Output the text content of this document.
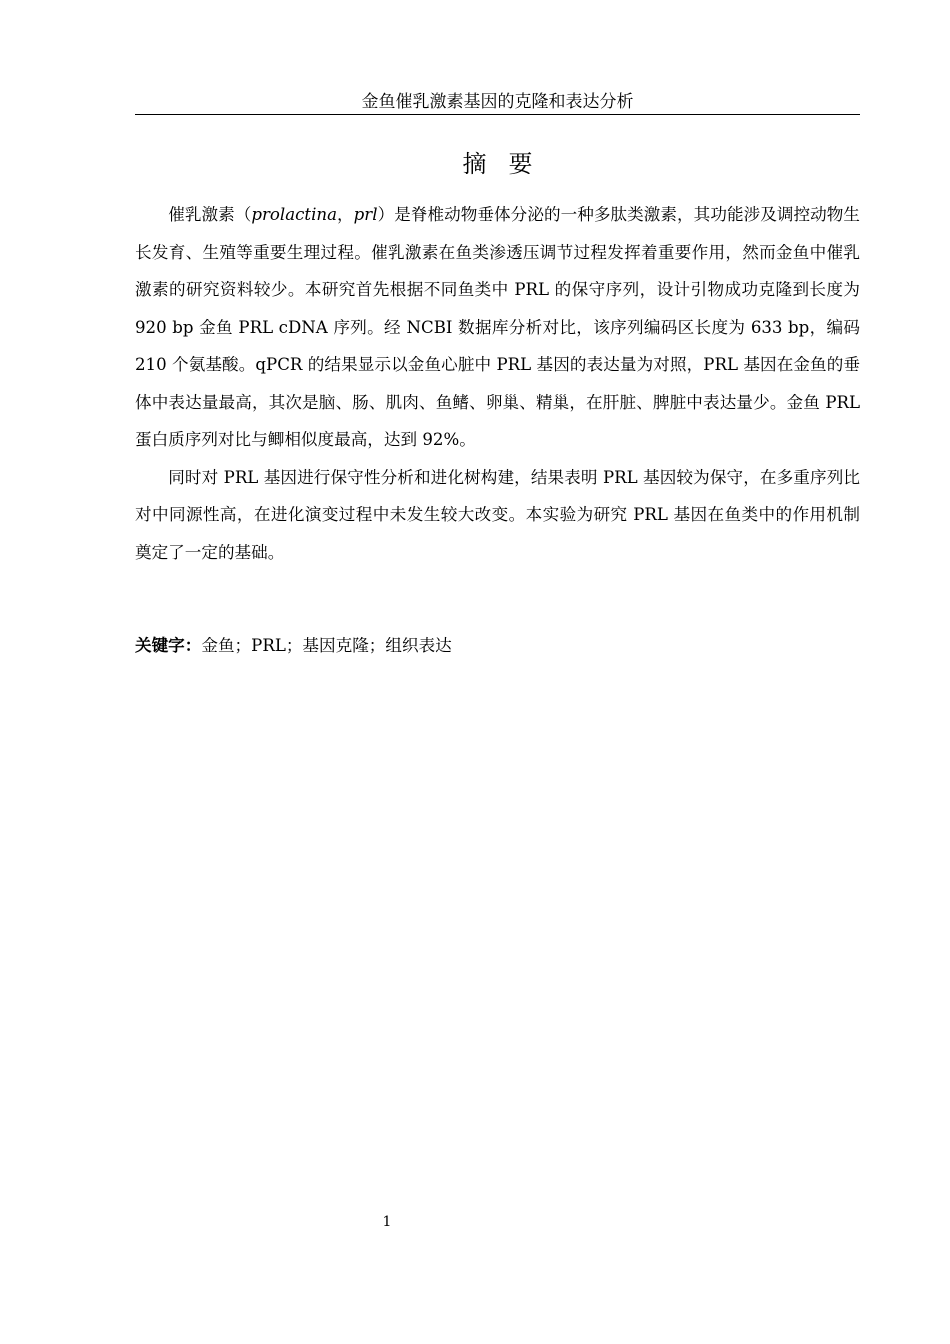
金鱼催乳激素基因的克隆和表达分析
摘要

催乳激素（prolactina，prl）是脊椎动物垂体分泌的一种多肽类激素，其功能涉及调控动物生长发育、生殖等重要生理过程。催乳激素在鱼类渗透压调节过程发挥着重要作用，然而金鱼中催乳激素的研究资料较少。本研究首先根据不同鱼类中 PRL 的保守序列，设计引物成功克隆到长度为 920 bp 金鱼 PRL cDNA 序列。经 NCBI 数据库分析对比，该序列编码区长度为 633 bp，编码 210 个氨基酸。qPCR 的结果显示以金鱼心脏中 PRL 基因的表达量为对照，PRL 基因在金鱼的垂体中表达量最高，其次是脑、肠、肌肉、鱼鳍、卵巢、精巢，在肝脏、脾脏中表达量少。金鱼 PRL 蛋白质序列对比与鲫相似度最高，达到 92%。

同时对 PRL 基因进行保守性分析和进化树构建，结果表明 PRL 基因较为保守，在多重序列比对中同源性高，在进化演变过程中未发生较大改变。本实验为研究 PRL 基因在鱼类中的作用机制奠定了一定的基础。

关键字：金鱼；PRL；基因克隆；组织表达
1
